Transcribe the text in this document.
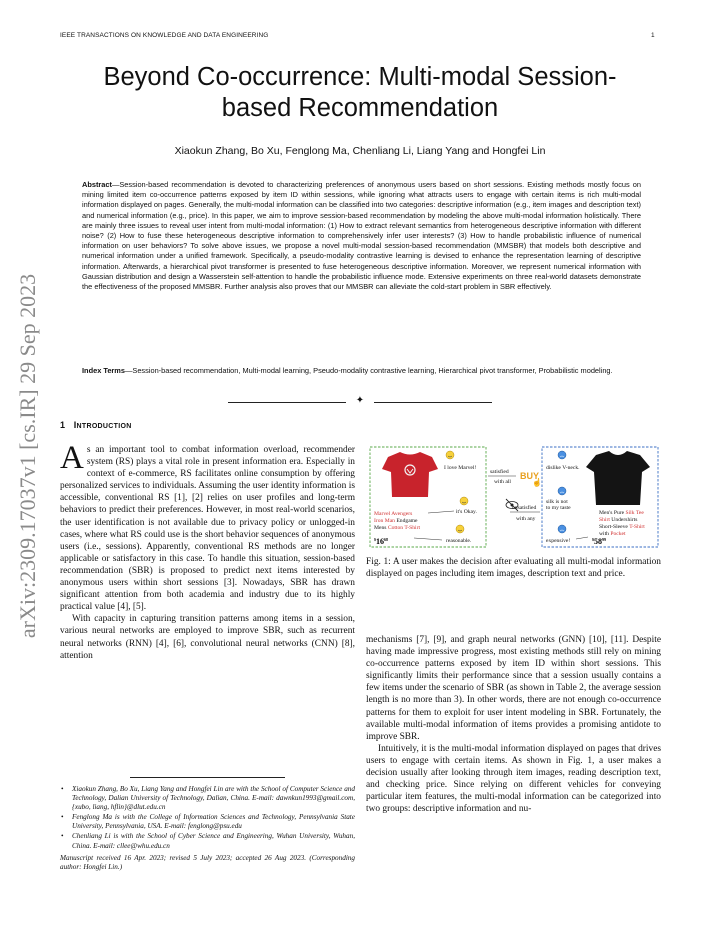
IEEE TRANSACTIONS ON KNOWLEDGE AND DATA ENGINEERING	1
arXiv:2309.17037v1 [cs.IR] 29 Sep 2023
Beyond Co-occurrence: Multi-modal Session-based Recommendation
Xiaokun Zhang, Bo Xu, Fenglong Ma, Chenliang Li, Liang Yang and Hongfei Lin
Abstract—Session-based recommendation is devoted to characterizing preferences of anonymous users based on short sessions. Existing methods mostly focus on mining limited item co-occurrence patterns exposed by item ID within sessions, while ignoring what attracts users to engage with certain items is rich multi-modal information displayed on pages. Generally, the multi-modal information can be classified into two categories: descriptive information (e.g., item images and description text) and numerical information (e.g., price). In this paper, we aim to improve session-based recommendation by modeling the above multi-modal information holistically. There are mainly three issues to reveal user intent from multi-modal information: (1) How to extract relevant semantics from heterogeneous descriptive information with different noise? (2) How to fuse these heterogeneous descriptive information to comprehensively infer user interests? (3) How to handle probabilistic influence of numerical information on user behaviors? To solve above issues, we propose a novel multi-modal session-based recommendation (MMSBR) that models both descriptive and numerical information under a unified framework. Specifically, a pseudo-modality contrastive learning is devised to enhance the representation learning of descriptive information. Afterwards, a hierarchical pivot transformer is presented to fuse heterogeneous descriptive information. Moreover, we represent numerical information with Gaussian distribution and design a Wasserstein self-attention to handle the probabilistic influence mode. Extensive experiments on three real-world datasets demonstrate the effectiveness of the proposed MMSBR. Further analysis also proves that our MMSBR can alleviate the cold-start problem in SBR effectively.
Index Terms—Session-based recommendation, Multi-modal learning, Pseudo-modality contrastive learning, Hierarchical pivot transformer, Probabilistic modeling.
✦
1 INTRODUCTION

As an important tool to combat information overload, recommender system (RS) plays a vital role in present information era. Especially in context of e-commerce, RS facilitates online consumption by offering personalized services to individuals. Assuming the user identity information is accessible, conventional RS [1], [2] relies on user profiles and long-term behaviors to predict their preferences. However, in most real-world scenarios, the user identification is not available due to privacy policy or unlogged-in cases, where what RS could use is the short behavior sequences of anonymous users (i.e., sessions). Apparently, conventional RS methods are no longer applicable or satisfactory in this case. To handle this situation, session-based recommendation (SBR) is proposed to predict next items interested by anonymous users within short sessions [3]. Nowadays, SBR has drawn significant attention from both academia and industry due to its highly practical value [4], [5].

With capacity in capturing transition patterns among items in a session, various neural networks are employed to improve SBR, such as recurrent neural networks (RNN) [4], [6], convolutional neural networks (CNN) [8], attention

• Xiaokun Zhang, Bo Xu, Liang Yang and Hongfei Lin are with the School of Computer Science and Technology, Dalian University of Technology, Dalian, China. E-mail: dawnkun1993@gmail.com, {xubo, liang, hflin}@dlut.edu.cn
• Fenglong Ma is with the College of Information Sciences and Technology, Pennsylvania State University, Pennsylvania, USA. E-mail: fenglong@psu.edu
• Chenliang Li is with the School of Cyber Science and Engineering, Wuhan University, Wuhan, China. E-mail: cllee@whu.edu.cn
Manuscript received 16 Apr. 2023; revised 5 July 2023; accepted 26 Aug 2023. (Corresponding author: Hongfei Lin.)
I love Marvel!
it's Okay.
reasonable.
Marvel Avengers
Iron Man Endgame
Mens Cotton T-Shirt
$1668
satisfied
with all
BUY
☝
unsatisfied
with any
dislike V-neck.
silk is not
to my taste
expensive!
Men's Pure Silk Tee
Shirt Undershirts
Short-Sleeve T-Shirt
with Pocket
$5899
Fig. 1: A user makes the decision after evaluating all multi-modal information displayed on pages including item images, description text and price.

mechanisms [7], [9], and graph neural networks (GNN) [10], [11]. Despite having made impressive progress, most existing methods still rely on mining co-occurrence patterns exposed by item ID within short sessions. This significantly limits their performance since that a session usually contains a few items under the scenario of SBR (as shown in Table 2, the average session length is no more than 3). In other words, there are not enough co-occurrence patterns for them to exploit for user intent modeling in SBR. Fortunately, the available multi-modal information of items provides a promising antidote to improve SBR.

Intuitively, it is the multi-modal information displayed on pages that drives users to engage with certain items. As shown in Fig. 1, a user makes a decision usually after looking through item images, reading description text, and checking price. Since relying on different vehicles for conveying particular item features, the multi-modal information can be categorized into two groups: descriptive information and nu-
